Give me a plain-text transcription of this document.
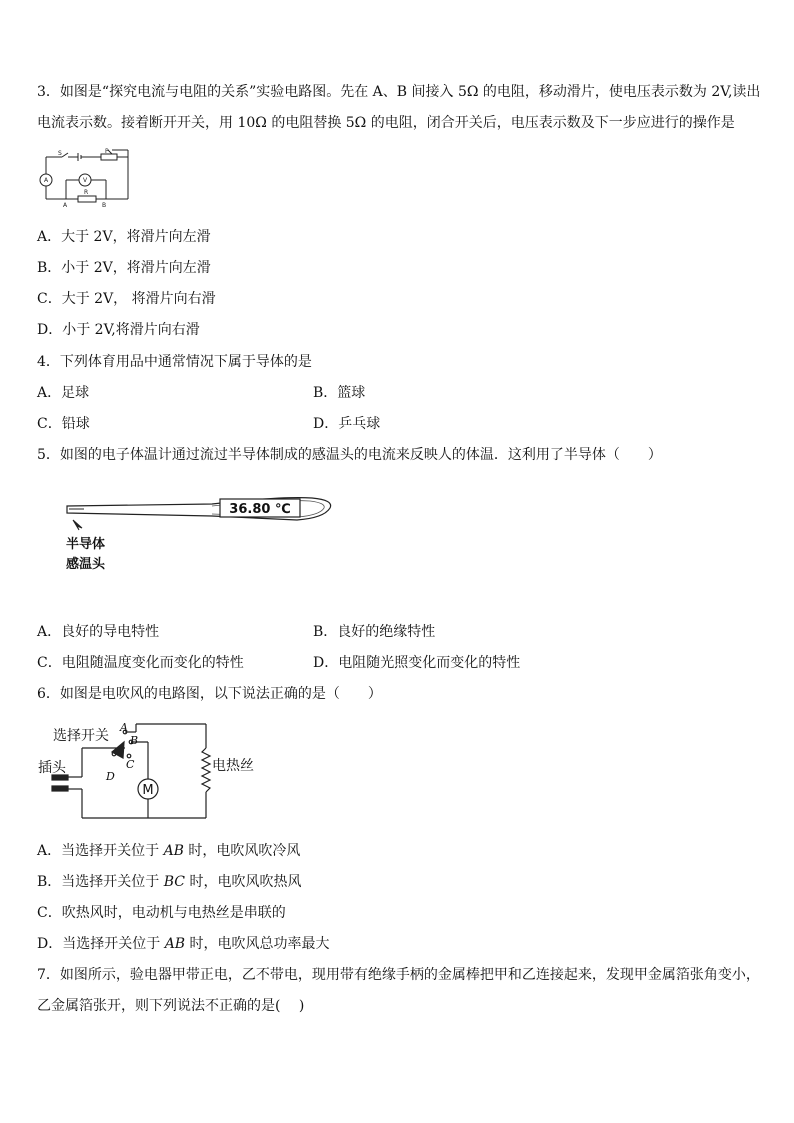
3．如图是“探究电流与电阻的关系”实验电路图。先在 A、B 间接入 5Ω 的电阻，移动滑片，使电压表示数为 2V,读出
电流表示数。接着断开开关，用 10Ω 的电阻替换 5Ω 的电阻，闭合开关后，电压表示数及下一步应进行的操作是
S	P
A	V
R
A	B
A．大于 2V，将滑片向左滑
B．小于 2V，将滑片向左滑
C．大于 2V， 将滑片向右滑
D．小于 2V,将滑片向右滑
4．下列体育用品中通常情况下属于导体的是
A．足球	B．篮球
C．铅球	D．乒乓球
5．如图的电子体温计通过流过半导体制成的感温头的电流来反映人的体温．这利用了半导体（　　）
36.80 ℃
半导体
感温头
A．良好的导电特性	B．良好的绝缘特性
C．电阻随温度变化而变化的特性	D．电阻随光照变化而变化的特性
6．如图是电吹风的电路图，以下说法正确的是（　　）
选择开关
插头	电热丝
M
A
B
C
D
A．当选择开关位于 AB 时，电吹风吹冷风
B．当选择开关位于 BC 时，电吹风吹热风
C．吹热风时，电动机与电热丝是串联的
D．当选择开关位于 AB 时，电吹风总功率最大
7．如图所示，验电器甲带正电，乙不带电，现用带有绝缘手柄的金属棒把甲和乙连接起来，发现甲金属箔张角变小，
乙金属箔张开，则下列说法不正确的是(　 )
